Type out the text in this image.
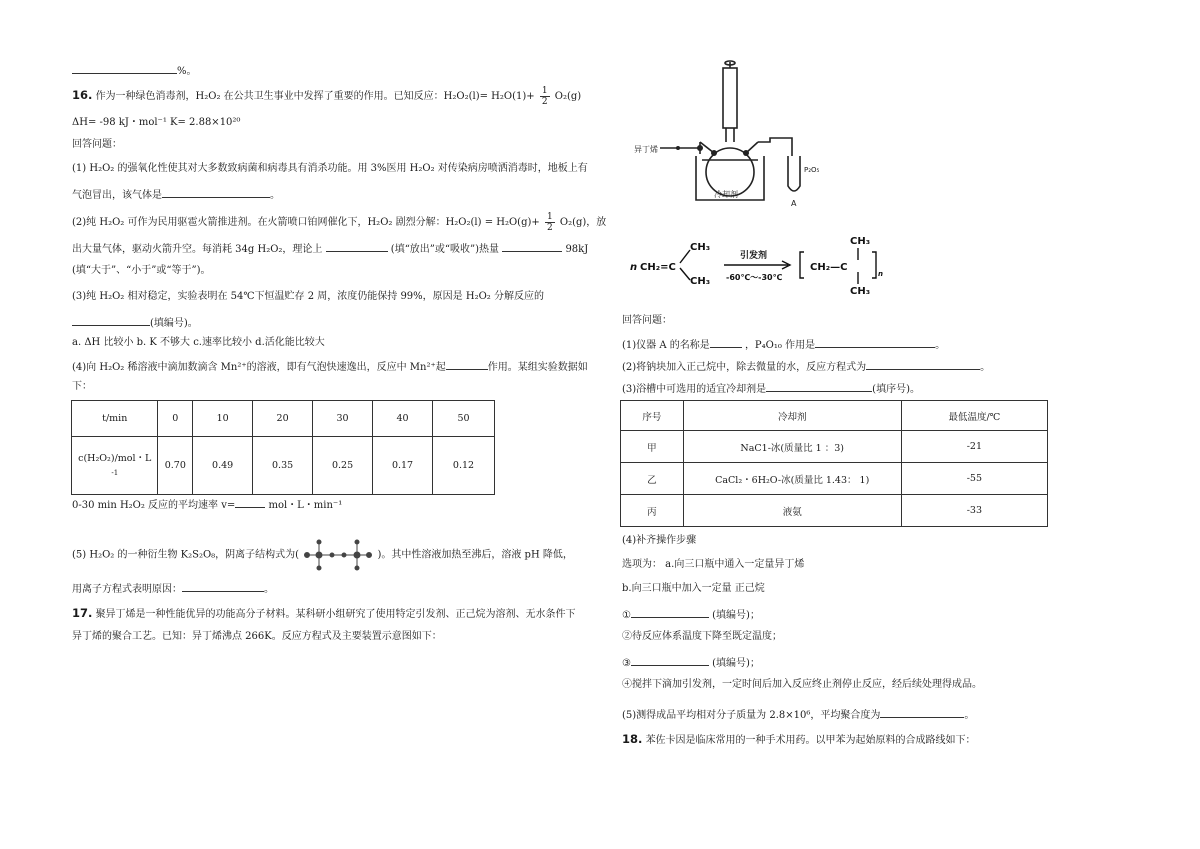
%。
16. 作为一种绿色消毒剂，H₂O₂ 在公共卫生事业中发挥了重要的作用。已知反应：$H_2O_2(l)= H_2O(1)+ \frac{1}{2} O_2(g)$
ΔH= -98 kJ・mol⁻¹ K= 2.88×10²⁰
回答问题：
(1) H₂O₂ 的强氧化性使其对大多数致病菌和病毒具有消杀功能。用 3%医用 H₂O₂ 对传染病房喷洒消毒时，地板上有
气泡冒出，该气体是	。
(2)纯 H₂O₂ 可作为民用驱雹火箭推进剂。在火箭喷口铂网催化下，H₂O₂ 剧烈分解：$H_2O_2(l) = H_2O(g)+ \frac{1}{2} O_2(g)$，放
出大量气体，驱动火箭升空。每消耗 34g H₂O₂，理论上	(填“放出”或“吸收”)热量	98kJ
(填“大于”、“小于”或“等于”)。
(3)纯 H₂O₂ 相对稳定，实验表明在 54℃下恒温贮存 2 周，浓度仍能保持 99%，原因是 H₂O₂ 分解反应的
(填编号)。
a. ΔH 比较小 b. K 不够大 c.速率比较小 d.活化能比较大
(4)向 H₂O₂ 稀溶液中滴加数滴含 Mn²⁺的溶液，即有气泡快速逸出，反应中 Mn²⁺起	作用。某组实验数据如
下：
t/min	0	10	20	30	40	50
c(H₂O₂)/mol・L
-1	0.70	0.49	0.35	0.25	0.17	0.12
0-30 min H₂O₂ 反应的平均速率 v=	mol・L・min⁻¹
(5) H₂O₂ 的一种衍生物 K₂S₂O₈，阴离子结构式为(	)。其中性溶液加热至沸后，溶液 pH 降低，
用离子方程式表明原因：	。
17. 聚异丁烯是一种性能优异的功能高分子材料。某科研小组研究了使用特定引发剂、正己烷为溶剂、无水条件下
异丁烯的聚合工艺。已知：异丁烯沸点 266K。反应方程式及主要装置示意图如下：
异丁烯
冷却剂
P₂O₅
A
n CH₂=C
CH₃
CH₃
引发剂
-60℃～-30℃
CH₂—C
CH₃
CH₃
n
回答问题：
(1)仪器 A 的名称是	，P₄O₁₀ 作用是	。
(2)将钠块加入正己烷中，除去微量的水，反应方程式为	。
(3)浴槽中可选用的适宜冷却剂是	(填序号)。
序号	冷却剂	最低温度/℃
甲	NaC1-冰(质量比 1 ：3)	-21
乙	CaCl₂・6H₂O-冰(质量比 1.43： 1)	-55
丙	液氨	-33
(4)补齐操作步骤
选项为： a.向三口瓶中通入一定量异丁烯
b.向三口瓶中加入一定量 正己烷
①	(填编号)；
②待反应体系温度下降至既定温度；
③	(填编号)；
④搅拌下滴加引发剂，一定时间后加入反应终止剂停止反应，经后续处理得成品。
(5)测得成品平均相对分子质量为 2.8×10⁶，平均聚合度为	。
18. 苯佐卡因是临床常用的一种手术用药。以甲苯为起始原料的合成路线如下：
